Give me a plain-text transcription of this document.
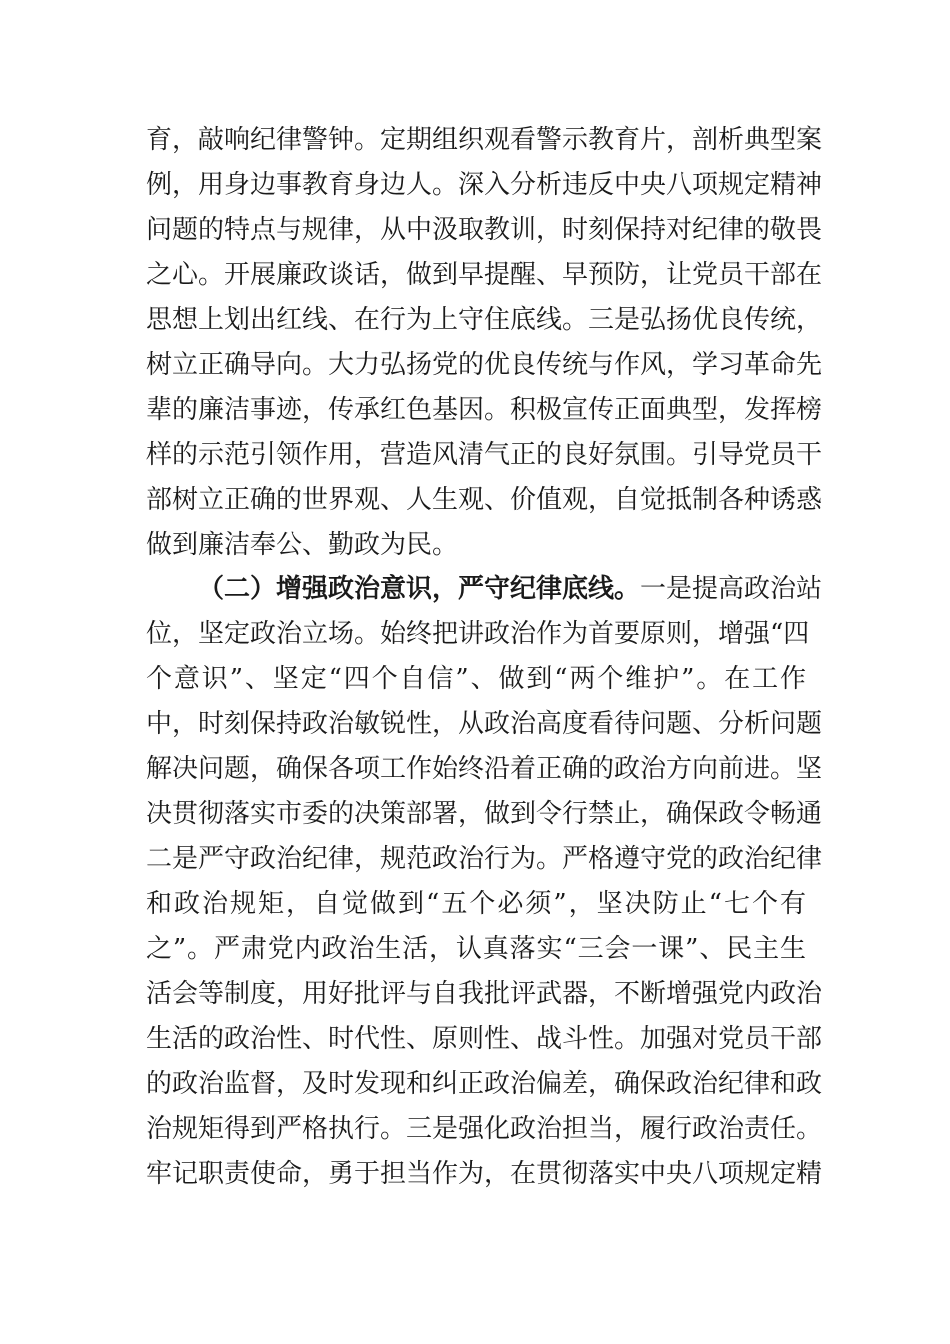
育，敲响纪律警钟。定期组织观看警示教育片，剖析典型案
例，用身边事教育身边人。深入分析违反中央八项规定精神
问题的特点与规律，从中汲取教训，时刻保持对纪律的敬畏
之心。开展廉政谈话，做到早提醒、早预防，让党员干部在
思想上划出红线、在行为上守住底线。三是弘扬优良传统，
树立正确导向。大力弘扬党的优良传统与作风，学习革命先
辈的廉洁事迹，传承红色基因。积极宣传正面典型，发挥榜
样的示范引领作用，营造风清气正的良好氛围。引导党员干
部树立正确的世界观、人生观、价值观，自觉抵制各种诱惑
做到廉洁奉公、勤政为民。
（二）增强政治意识，严守纪律底线。一是提高政治站
位，坚定政治立场。始终把讲政治作为首要原则，增强“四
个意识”、坚定“四个自信”、做到“两个维护”。在工作
中，时刻保持政治敏锐性，从政治高度看待问题、分析问题
解决问题，确保各项工作始终沿着正确的政治方向前进。坚
决贯彻落实市委的决策部署，做到令行禁止，确保政令畅通
二是严守政治纪律，规范政治行为。严格遵守党的政治纪律
和政治规矩，自觉做到“五个必须”，坚决防止“七个有
之”。严肃党内政治生活，认真落实“三会一课”、民主生
活会等制度，用好批评与自我批评武器，不断增强党内政治
生活的政治性、时代性、原则性、战斗性。加强对党员干部
的政治监督，及时发现和纠正政治偏差，确保政治纪律和政
治规矩得到严格执行。三是强化政治担当，履行政治责任。
牢记职责使命，勇于担当作为，在贯彻落实中央八项规定精
